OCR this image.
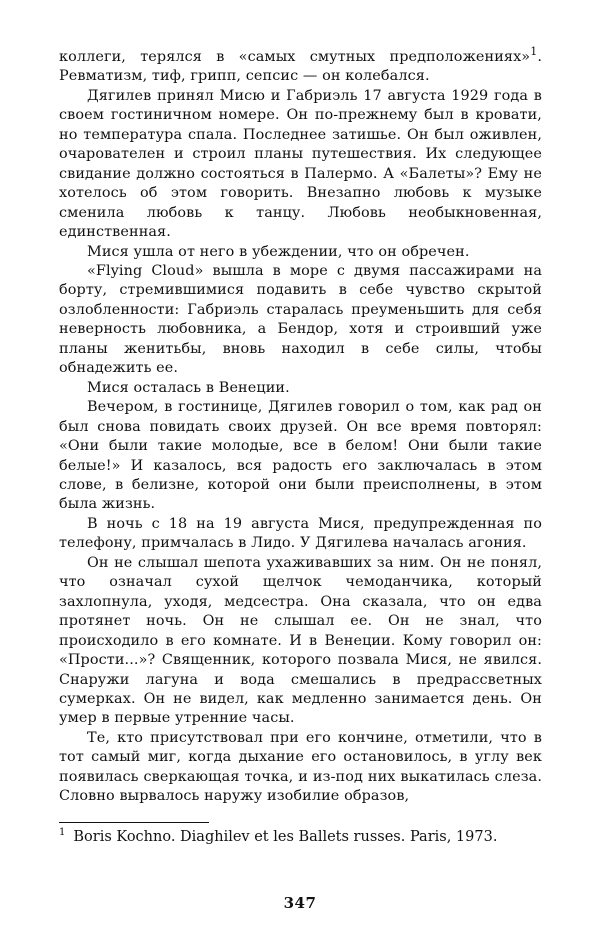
коллеги, терялся в «самых смутных предположениях»$^1$. Ревматизм, тиф, грипп, сепсис — он колебался.

Дягилев принял Мисю и Габриэль 17 августа 1929 года в своем гостиничном номере. Он по-прежнему был в кровати, но температура спала. Последнее затишье. Он был оживлен, очарователен и строил планы путешествия. Их следующее свидание должно состояться в Палермо. А «Балеты»? Ему не хотелось об этом говорить. Внезапно любовь к музыке сменила любовь к танцу. Любовь необыкновенная, единственная.

Мися ушла от него в убеждении, что он обречен.

«Flying Cloud» вышла в море с двумя пассажирами на борту, стремившимися подавить в себе чувство скрытой озлобленности: Габриэль старалась преуменьшить для себя неверность любовника, а Бендор, хотя и строивший уже планы женитьбы, вновь находил в себе силы, чтобы обнадежить ее.

Мися осталась в Венеции.

Вечером, в гостинице, Дягилев говорил о том, как рад он был снова повидать своих друзей. Он все время повторял: «Они были такие молодые, все в белом! Они были такие белые!» И казалось, вся радость его заключалась в этом слове, в белизне, которой они были преисполнены, в этом была жизнь.

В ночь с 18 на 19 августа Мися, предупрежденная по телефону, примчалась в Лидо. У Дягилева началась агония.

Он не слышал шепота ухаживавших за ним. Он не понял, что означал сухой щелчок чемоданчика, который захлопнула, уходя, медсестра. Она сказала, что он едва протянет ночь. Он не слышал ее. Он не знал, что происходило в его комнате. И в Венеции. Кому говорил он: «Прости...»? Священник, которого позвала Мися, не явился. Снаружи лагуна и вода смешались в предрассветных сумерках. Он не видел, как медленно занимается день. Он умер в первые утренние часы.

Те, кто присутствовал при его кончине, отметили, что в тот самый миг, когда дыхание его остановилось, в углу век появилась сверкающая точка, и из-под них выкатилась слеза. Словно вырвалось наружу изобилие образов,

$^1$ Boris Kochno. Diaghilev et les Ballets russes. Paris, 1973.
347
